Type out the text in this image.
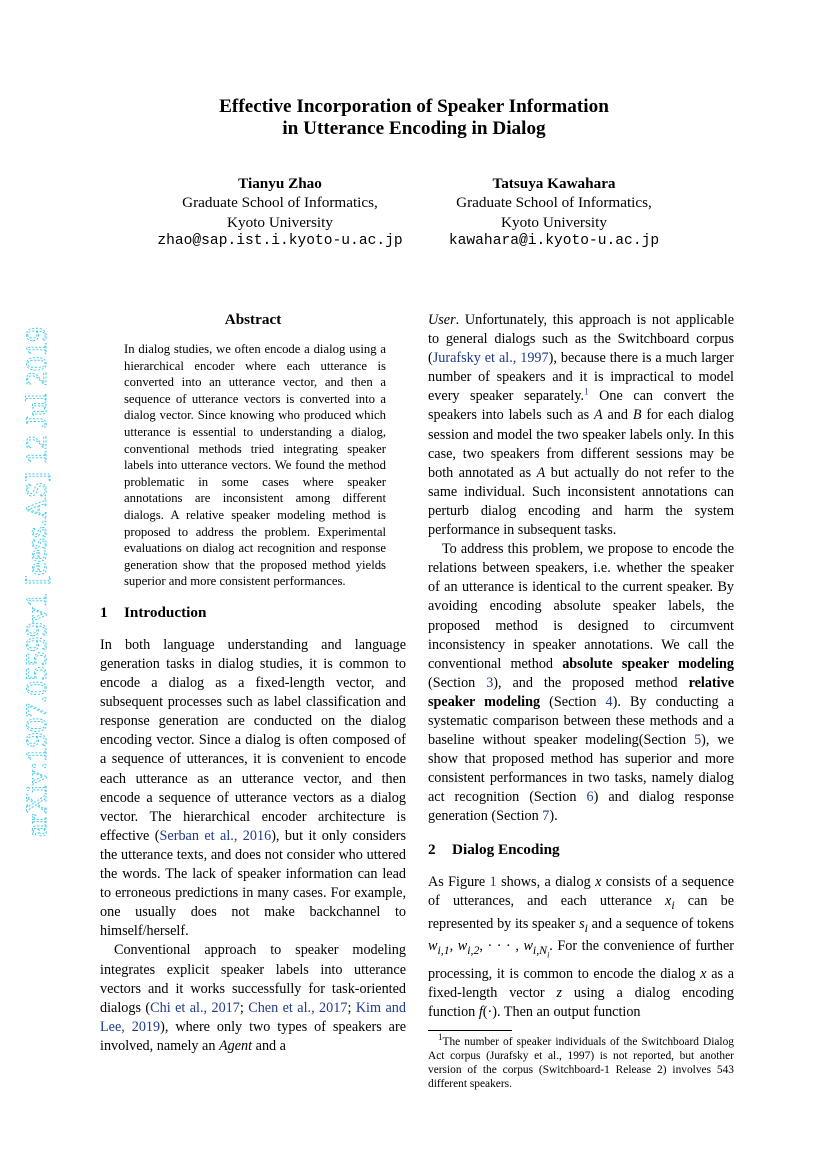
Effective Incorporation of Speaker Information
in Utterance Encoding in Dialog
Tianyu Zhao
Graduate School of Informatics,
Kyoto University
zhao@sap.ist.i.kyoto-u.ac.jp
Tatsuya Kawahara
Graduate School of Informatics,
Kyoto University
kawahara@i.kyoto-u.ac.jp
arXiv:1907.05599v1 [eess.AS] 12 Jul 2019	Abstract
In dialog studies, we often encode a dialog using a hierarchical encoder where each utterance is converted into an utterance vector, and then a sequence of utterance vectors is converted into a dialog vector. Since knowing who produced which utterance is essential to understanding a dialog, conventional methods tried integrating speaker labels into utterance vectors. We found the method problematic in some cases where speaker annotations are inconsistent among different dialogs. A relative speaker modeling method is proposed to address the problem. Experimental evaluations on dialog act recognition and response generation show that the proposed method yields superior and more consistent performances.
1 Introduction

In both language understanding and language generation tasks in dialog studies, it is common to encode a dialog as a fixed-length vector, and subsequent processes such as label classification and response generation are conducted on the dialog encoding vector. Since a dialog is often composed of a sequence of utterances, it is convenient to encode each utterance as an utterance vector, and then encode a sequence of utterance vectors as a dialog vector. The hierarchical encoder architecture is effective (Serban et al., 2016), but it only considers the utterance texts, and does not consider who uttered the words. The lack of speaker information can lead to erroneous predictions in many cases. For example, one usually does not make backchannel to himself/herself.

Conventional approach to speaker modeling integrates explicit speaker labels into utterance vectors and it works successfully for task-oriented dialogs (Chi et al., 2017; Chen et al., 2017; Kim and Lee, 2019), where only two types of speakers are involved, namely an Agent and a

User. Unfortunately, this approach is not applicable to general dialogs such as the Switchboard corpus (Jurafsky et al., 1997), because there is a much larger number of speakers and it is impractical to model every speaker separately.$^1$ One can convert the speakers into labels such as A and B for each dialog session and model the two speaker labels only. In this case, two speakers from different sessions may be both annotated as A but actually do not refer to the same individual. Such inconsistent annotations can perturb dialog encoding and harm the system performance in subsequent tasks.

To address this problem, we propose to encode the relations between speakers, i.e. whether the speaker of an utterance is identical to the current speaker. By avoiding encoding absolute speaker labels, the proposed method is designed to circumvent inconsistency in speaker annotations. We call the conventional method absolute speaker modeling (Section 3), and the proposed method relative speaker modeling (Section 4). By conducting a systematic comparison between these methods and a baseline without speaker modeling(Section 5), we show that proposed method has superior and more consistent performances in two tasks, namely dialog act recognition (Section 6) and dialog response generation (Section 7).

2 Dialog Encoding

As Figure 1 shows, a dialog x consists of a sequence of utterances, and each utterance $x_i$ can be represented by its speaker $s_i$ and a sequence of tokens $w_{i,1}$, $w_{i,2}$, · · · , $w_{i,N_i}$. For the convenience of further processing, it is common to encode the dialog x as a fixed-length vector z using a dialog encoding function f(·). Then an output function

$^1$The number of speaker individuals of the Switchboard Dialog Act corpus (Jurafsky et al., 1997) is not reported, but another version of the corpus (Switchboard-1 Release 2) involves 543 different speakers.
